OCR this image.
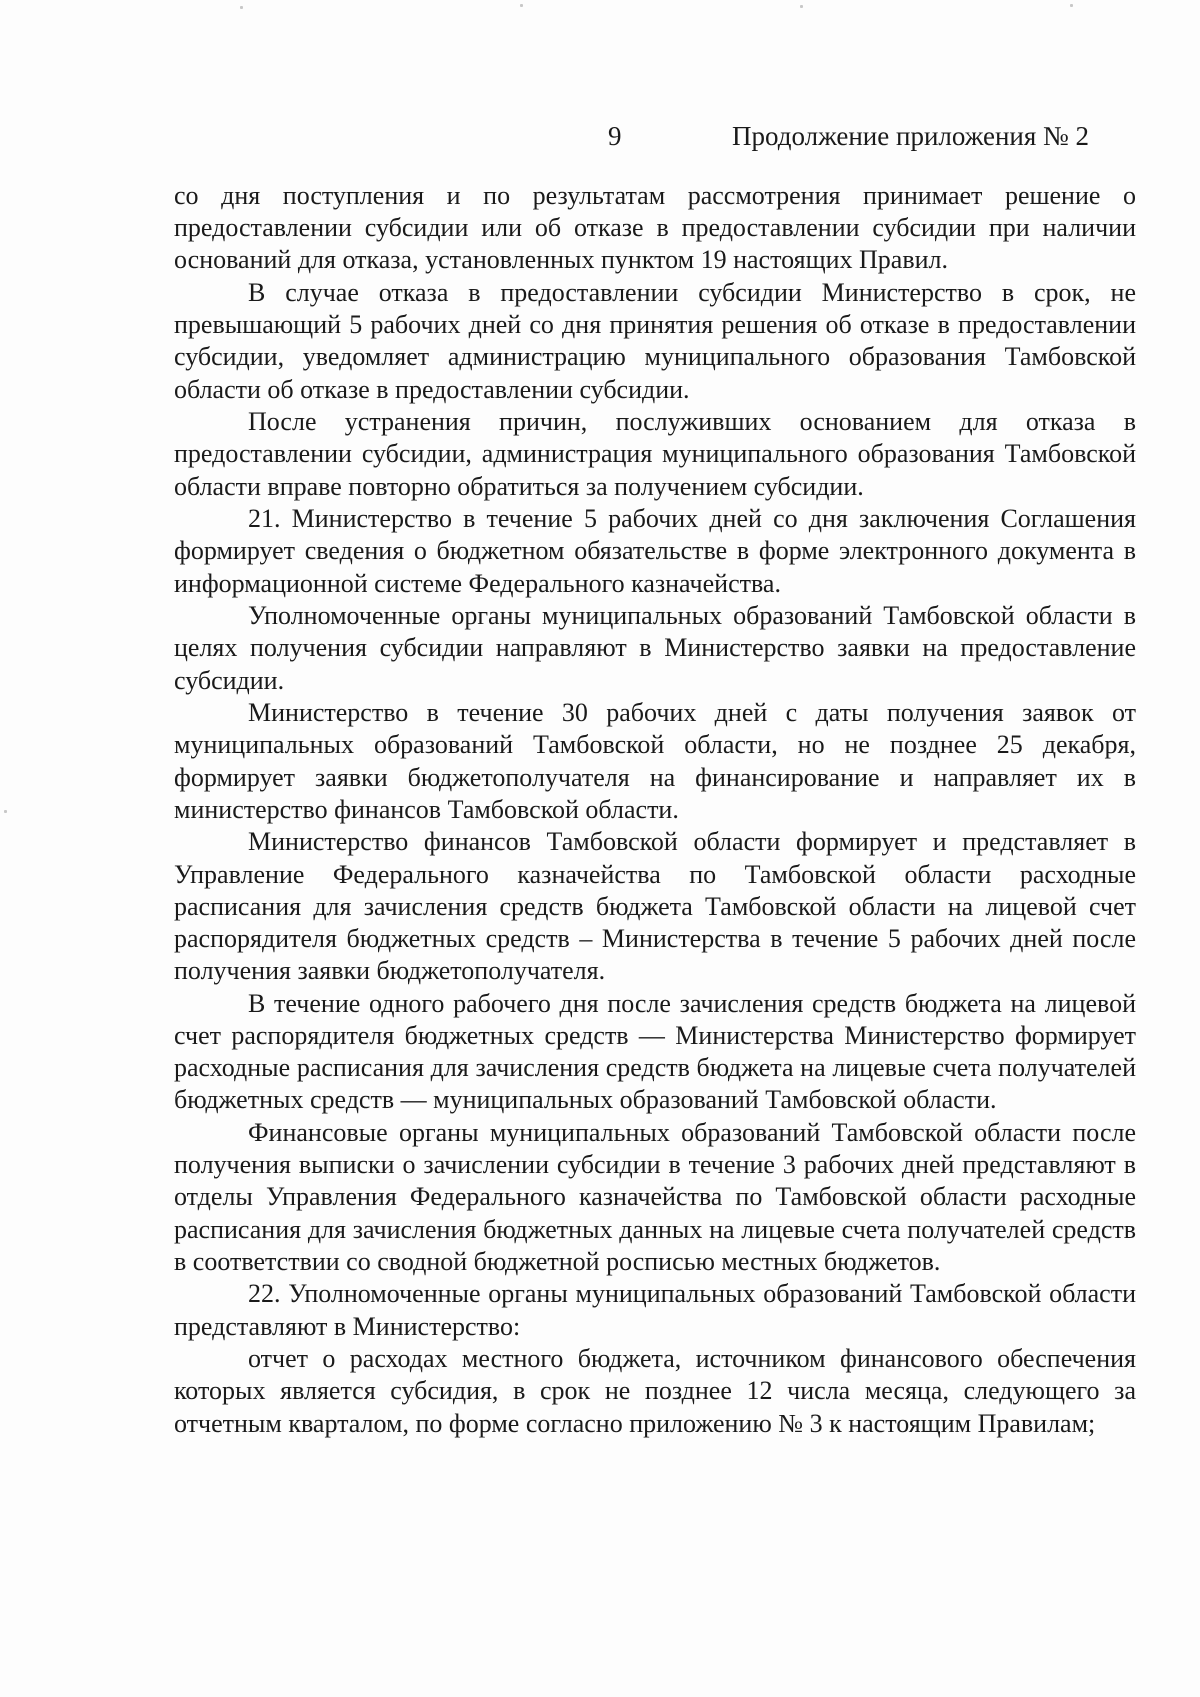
9	Продолжение приложения № 2

со дня поступления и по результатам рассмотрения принимает решение о предоставлении субсидии или об отказе в предоставлении субсидии при наличии оснований для отказа, установленных пунктом 19 настоящих Правил.

В случае отказа в предоставлении субсидии Министерство в срок, не превышающий 5 рабочих дней со дня принятия решения об отказе в предоставлении субсидии, уведомляет администрацию муниципального образования Тамбовской области об отказе в предоставлении субсидии.

После устранения причин, послуживших основанием для отказа в предоставлении субсидии, администрация муниципального образования Тамбовской области вправе повторно обратиться за получением субсидии.

21. Министерство в течение 5 рабочих дней со дня заключения Соглашения формирует сведения о бюджетном обязательстве в форме электронного документа в информационной системе Федерального казначейства.

Уполномоченные органы муниципальных образований Тамбовской области в целях получения субсидии направляют в Министерство заявки на предоставление субсидии.

Министерство в течение 30 рабочих дней с даты получения заявок от муниципальных образований Тамбовской области, но не позднее 25 декабря, формирует заявки бюджетополучателя на финансирование и направляет их в министерство финансов Тамбовской области.

Министерство финансов Тамбовской области формирует и представляет в Управление Федерального казначейства по Тамбовской области расходные расписания для зачисления средств бюджета Тамбовской области на лицевой счет распорядителя бюджетных средств – Министерства в течение 5 рабочих дней после получения заявки бюджетополучателя.

В течение одного рабочего дня после зачисления средств бюджета на лицевой счет распорядителя бюджетных средств — Министерства Министерство формирует расходные расписания для зачисления средств бюджета на лицевые счета получателей бюджетных средств — муниципальных образований Тамбовской области.

Финансовые органы муниципальных образований Тамбовской области после получения выписки о зачислении субсидии в течение 3 рабочих дней представляют в отделы Управления Федерального казначейства по Тамбовской области расходные расписания для зачисления бюджетных данных на лицевые счета получателей средств в соответствии со сводной бюджетной росписью местных бюджетов.

22. Уполномоченные органы муниципальных образований Тамбовской области представляют в Министерство:

отчет о расходах местного бюджета, источником финансового обеспечения которых является субсидия, в срок не позднее 12 числа месяца, следующего за отчетным кварталом, по форме согласно приложению № 3 к настоящим Правилам;
